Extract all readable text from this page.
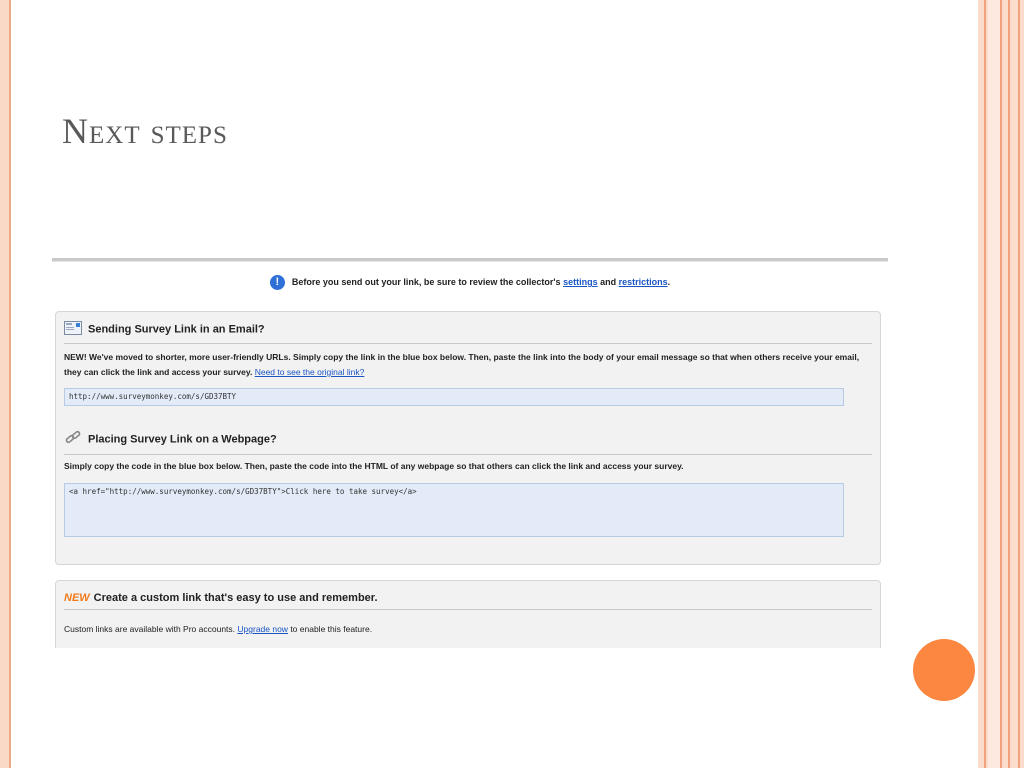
Next steps
! Before you send out your link, be sure to review the collector's settings and restrictions.
Sending Survey Link in an Email?
NEW! We've moved to shorter, more user-friendly URLs. Simply copy the link in the blue box below. Then, paste the link into the body of your email message so that when others receive your email, they can click the link and access your survey. Need to see the original link?
http://www.surveymonkey.com/s/GD37BTY
Placing Survey Link on a Webpage?
Simply copy the code in the blue box below. Then, paste the code into the HTML of any webpage so that others can click the link and access your survey.
<a href="http://www.surveymonkey.com/s/GD37BTY">Click here to take survey</a>
NEW Create a custom link that's easy to use and remember.
Custom links are available with Pro accounts. Upgrade now to enable this feature.
